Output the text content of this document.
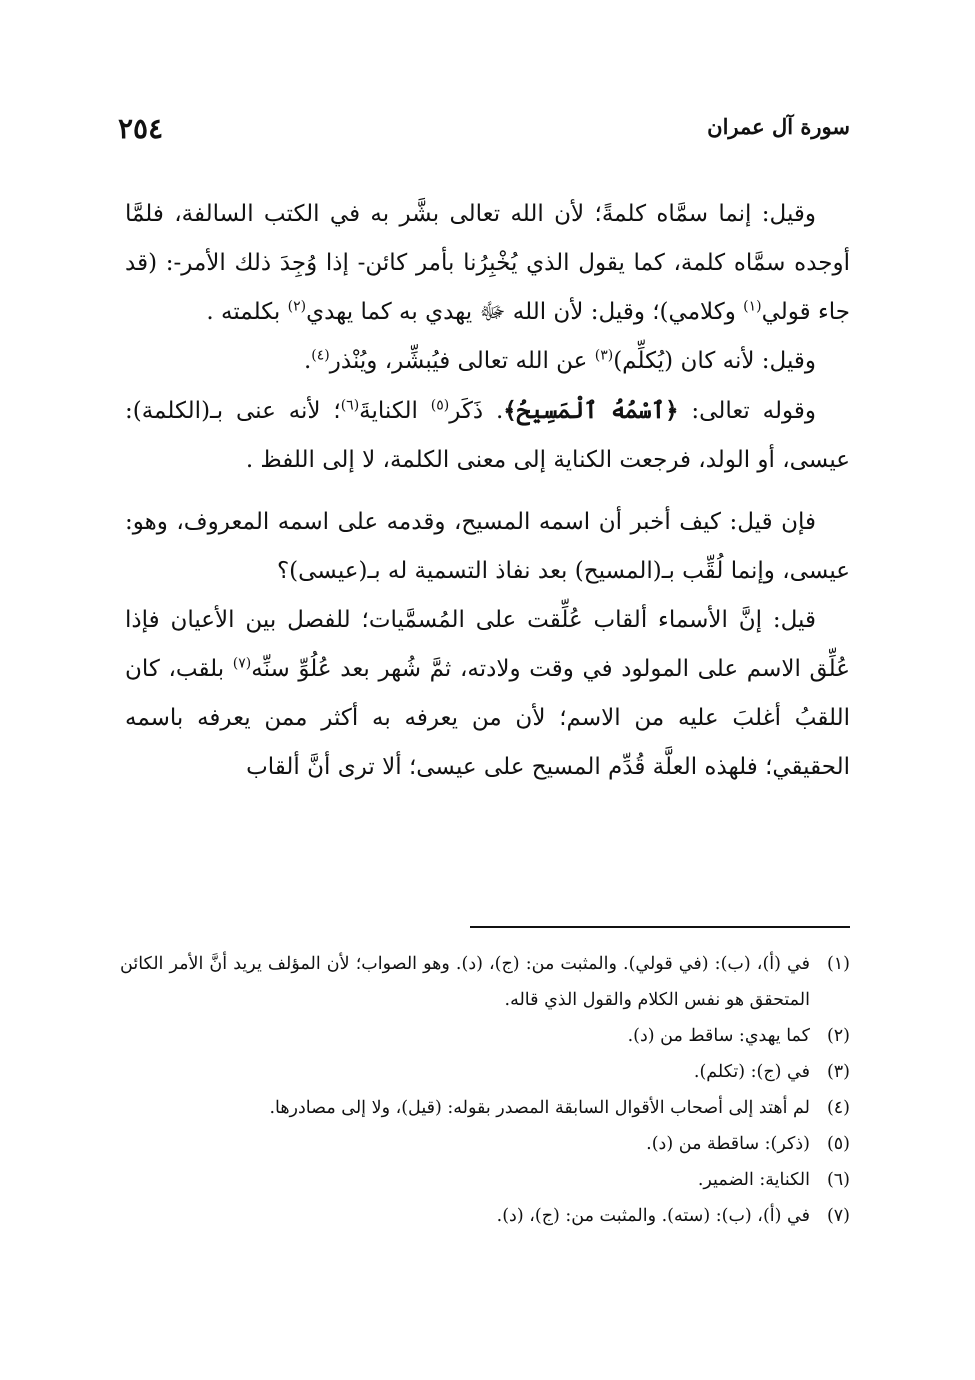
٢٥٤	سورة آل عمران

وقيل: إنما سمَّاه كلمةً؛ لأن الله تعالى بشَّر به في الكتب السالفة، فلمَّا أوجده سمَّاه كلمة، كما يقول الذي يُخْبِرُنا بأمر كائن- إذا وُجِدَ ذلك الأمر-: (قد جاء قولي$^{(١)}$ وكلامي)؛ وقيل: لأن الله ﷻ يهدي به كما يهدي$^{(٢)}$ بكلمته .

وقيل: لأنه كان (يُكلِّم)$^{(٣)}$ عن الله تعالى فيُبشِّر، ويُنْذر$^{(٤)}$.

وقوله تعالى: ﴿ٱسْمُهُ ٱلْمَسِيحُ﴾. ذَكَر$^{(٥)}$ الكنايةَ$^{(٦)}$؛ لأنه عنى بـ(الكلمة): عيسى، أو الولد، فرجعت الكناية إلى معنى الكلمة، لا إلى اللفظ .

فإن قيل: كيف أخبر أن اسمه المسيح، وقدمه على اسمه المعروف، وهو: عيسى، وإنما لُقِّب بـ(المسيح) بعد نفاذ التسمية له بـ(عيسى)؟

قيل: إنَّ الأسماء ألقاب عُلِّقت على المُسمَّيات؛ للفصل بين الأعيان فإذا عُلِّق الاسم على المولود في وقت ولادته، ثمَّ شُهر بعد عُلُوِّ سنِّه$^{(٧)}$ بلقب، كان اللقبُ أغلبَ عليه من الاسم؛ لأن من يعرفه به أكثر ممن يعرفه باسمه الحقيقي؛ فلهذه العلَّة قُدِّم المسيح على عيسى؛ ألا ترى أنَّ ألقاب

(١)
في (أ)، (ب): (في قولي). والمثبت من: (ج)، (د). وهو الصواب؛ لأن المؤلف يريد أنَّ الأمر الكائن المتحقق هو نفس الكلام والقول الذي قاله.
(٢)
كما يهدي: ساقط من (د).
(٣)
في (ج): (تكلم).
(٤)
لم أهتد إلى أصحاب الأقوال السابقة المصدر بقوله: (قيل)، ولا إلى مصادرها.
(٥)
(ذكر): ساقطة من (د).
(٦)
الكناية: الضمير.
(٧)
في (أ)، (ب): (سته). والمثبت من: (ج)، (د).
